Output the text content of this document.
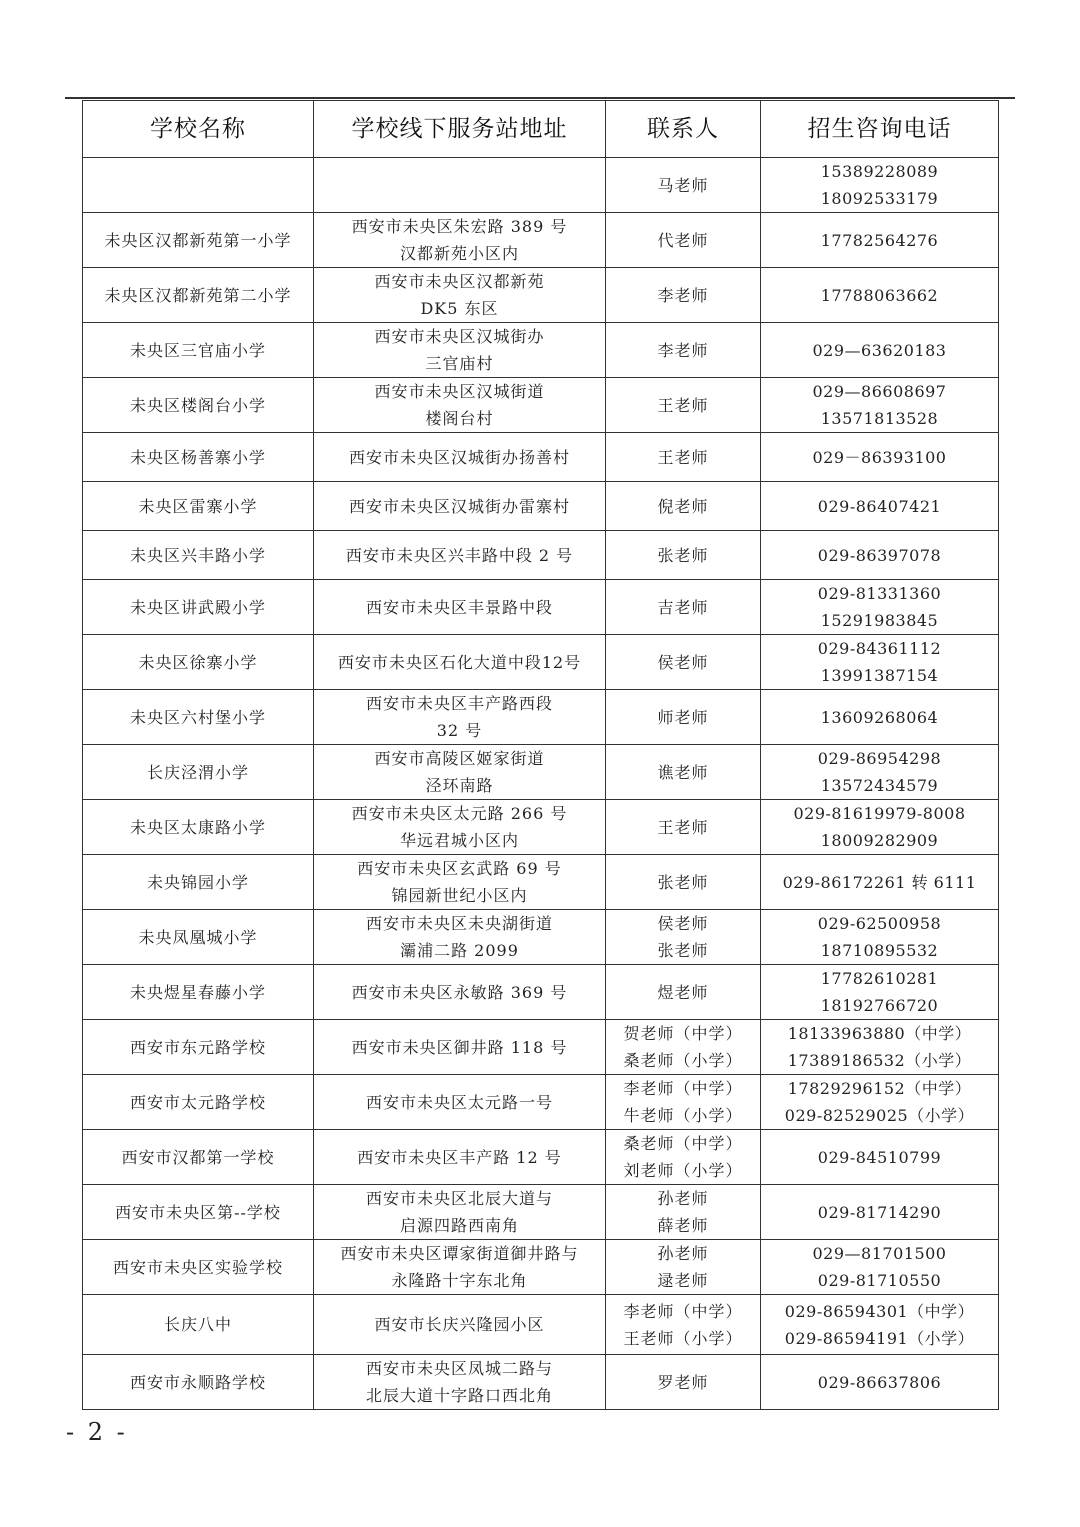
学校名称	学校线下服务站地址	联系人	招生咨询电话

		马老师	15389228089
18092533179

未央区汉都新苑第一小学	西安市未央区朱宏路 389 号
汉都新苑小区内	代老师	17782564276

未央区汉都新苑第二小学	西安市未央区汉都新苑
DK5 东区	李老师	17788063662

未央区三官庙小学	西安市未央区汉城街办
三官庙村	李老师	029—63620183

未央区楼阁台小学	西安市未央区汉城街道
楼阁台村	王老师	029—86608697
13571813528

未央区杨善寨小学	西安市未央区汉城街办扬善村	王老师	029－86393100

未央区雷寨小学	西安市未央区汉城街办雷寨村	倪老师	029-86407421

未央区兴丰路小学	西安市未央区兴丰路中段 2 号	张老师	029-86397078

未央区讲武殿小学	西安市未央区丰景路中段	吉老师	029-81331360
15291983845

未央区徐寨小学	西安市未央区石化大道中段12号	侯老师	029-84361112
13991387154

未央区六村堡小学	西安市未央区丰产路西段
32 号	师老师	13609268064

长庆泾渭小学	西安市高陵区姬家街道
泾环南路	谯老师	029-86954298
13572434579

未央区太康路小学	西安市未央区太元路 266 号
华远君城小区内	王老师	029-81619979-8008
18009282909

未央锦园小学	西安市未央区玄武路 69 号
锦园新世纪小区内	张老师	029-86172261 转 6111

未央凤凰城小学	西安市未央区未央湖街道
灞浦二路 2099	侯老师
张老师	029-62500958
18710895532

未央煜星春藤小学	西安市未央区永敏路 369 号	煜老师	17782610281
18192766720

西安市东元路学校	西安市未央区御井路 118 号	贺老师（中学）
桑老师（小学）	18133963880（中学）
17389186532（小学）

西安市太元路学校	西安市未央区太元路一号	李老师（中学）
牛老师（小学）	17829296152（中学）
029-82529025（小学）

西安市汉都第一学校	西安市未央区丰产路 12 号	桑老师（中学）
刘老师（小学）	029-84510799

西安市未央区第--学校	西安市未央区北辰大道与
启源四路西南角	孙老师
薛老师	029-81714290

西安市未央区实验学校	西安市未央区谭家街道御井路与
永隆路十字东北角	孙老师
逯老师	029—81701500
029-81710550

长庆八中	西安市长庆兴隆园小区	李老师（中学）
王老师（小学）	029-86594301（中学）
029-86594191（小学）

西安市永顺路学校	西安市未央区凤城二路与
北辰大道十字路口西北角	罗老师	029-86637806
- 2 -
